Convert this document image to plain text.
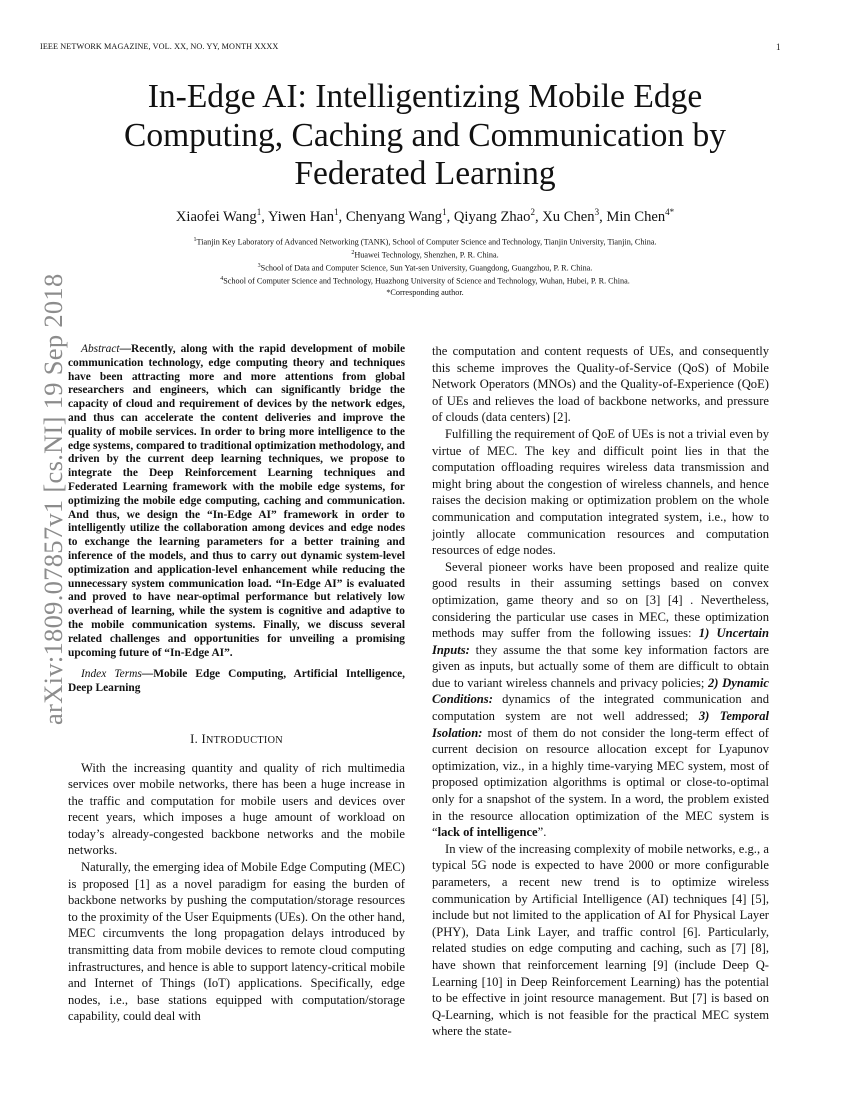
IEEE NETWORK MAGAZINE, VOL. XX, NO. YY, MONTH XXXX	1
arXiv:1809.07857v1 [cs.NI] 19 Sep 2018
In-Edge AI: Intelligentizing Mobile Edge
Computing, Caching and Communication by
Federated Learning
Xiaofei Wang$^1$, Yiwen Han$^1$, Chenyang Wang$^1$, Qiyang Zhao$^2$, Xu Chen$^3$, Min Chen$^{4*}$
$^1$Tianjin Key Laboratory of Advanced Networking (TANK), School of Computer Science and Technology, Tianjin University, Tianjin, China.
$^2$Huawei Technology, Shenzhen, P. R. China.
$^3$School of Data and Computer Science, Sun Yat-sen University, Guangdong, Guangzhou, P. R. China.
$^4$School of Computer Science and Technology, Huazhong University of Science and Technology, Wuhan, Hubei, P. R. China.
*Corresponding author.

Abstract—Recently, along with the rapid development of mobile communication technology, edge computing theory and techniques have been attracting more and more attentions from global researchers and engineers, which can significantly bridge the capacity of cloud and requirement of devices by the network edges, and thus can accelerate the content deliveries and improve the quality of mobile services. In order to bring more intelligence to the edge systems, compared to traditional optimization methodology, and driven by the current deep learning techniques, we propose to integrate the Deep Reinforcement Learning techniques and Federated Learning framework with the mobile edge systems, for optimizing the mobile edge computing, caching and communication. And thus, we design the “In-Edge AI” framework in order to intelligently utilize the collaboration among devices and edge nodes to exchange the learning parameters for a better training and inference of the models, and thus to carry out dynamic system-level optimization and application-level enhancement while reducing the unnecessary system communication load. “In-Edge AI” is evaluated and proved to have near-optimal performance but relatively low overhead of learning, while the system is cognitive and adaptive to the mobile communication systems. Finally, we discuss several related challenges and opportunities for unveiling a promising upcoming future of “In-Edge AI”.

Index Terms—Mobile Edge Computing, Artificial Intelligence, Deep Learning

I. INTRODUCTION

With the increasing quantity and quality of rich multimedia services over mobile networks, there has been a huge increase in the traffic and computation for mobile users and devices over recent years, which imposes a huge amount of workload on today’s already-congested backbone networks and the mobile networks.

Naturally, the emerging idea of Mobile Edge Computing (MEC) is proposed [1] as a novel paradigm for easing the burden of backbone networks by pushing the computation/storage resources to the proximity of the User Equipments (UEs). On the other hand, MEC circumvents the long propagation delays introduced by transmitting data from mobile devices to remote cloud computing infrastructures, and hence is able to support latency-critical mobile and Internet of Things (IoT) applications. Specifically, edge nodes, i.e., base stations equipped with computation/storage capability, could deal with

the computation and content requests of UEs, and consequently this scheme improves the Quality-of-Service (QoS) of Mobile Network Operators (MNOs) and the Quality-of-Experience (QoE) of UEs and relieves the load of backbone networks, and pressure of clouds (data centers) [2].

Fulfilling the requirement of QoE of UEs is not a trivial even by virtue of MEC. The key and difficult point lies in that the computation offloading requires wireless data transmission and might bring about the congestion of wireless channels, and hence raises the decision making or optimization problem on the whole communication and computation integrated system, i.e., how to jointly allocate communication resources and computation resources of edge nodes.

Several pioneer works have been proposed and realize quite good results in their assuming settings based on convex optimization, game theory and so on [3] [4] . Nevertheless, considering the particular use cases in MEC, these optimization methods may suffer from the following issues: 1) Uncertain Inputs: they assume the that some key information factors are given as inputs, but actually some of them are difficult to obtain due to variant wireless channels and privacy policies; 2) Dynamic Conditions: dynamics of the integrated communication and computation system are not well addressed; 3) Temporal Isolation: most of them do not consider the long-term effect of current decision on resource allocation except for Lyapunov optimization, viz., in a highly time-varying MEC system, most of proposed optimization algorithms is optimal or close-to-optimal only for a snapshot of the system. In a word, the problem existed in the resource allocation optimization of the MEC system is “lack of intelligence”.

In view of the increasing complexity of mobile networks, e.g., a typical 5G node is expected to have 2000 or more configurable parameters, a recent new trend is to optimize wireless communication by Artificial Intelligence (AI) techniques [4] [5], include but not limited to the application of AI for Physical Layer (PHY), Data Link Layer, and traffic control [6]. Particularly, related studies on edge computing and caching, such as [7] [8], have shown that reinforcement learning [9] (include Deep Q-Learning [10] in Deep Reinforcement Learning) has the potential to be effective in joint resource management. But [7] is based on Q-Learning, which is not feasible for the practical MEC system where the state-
